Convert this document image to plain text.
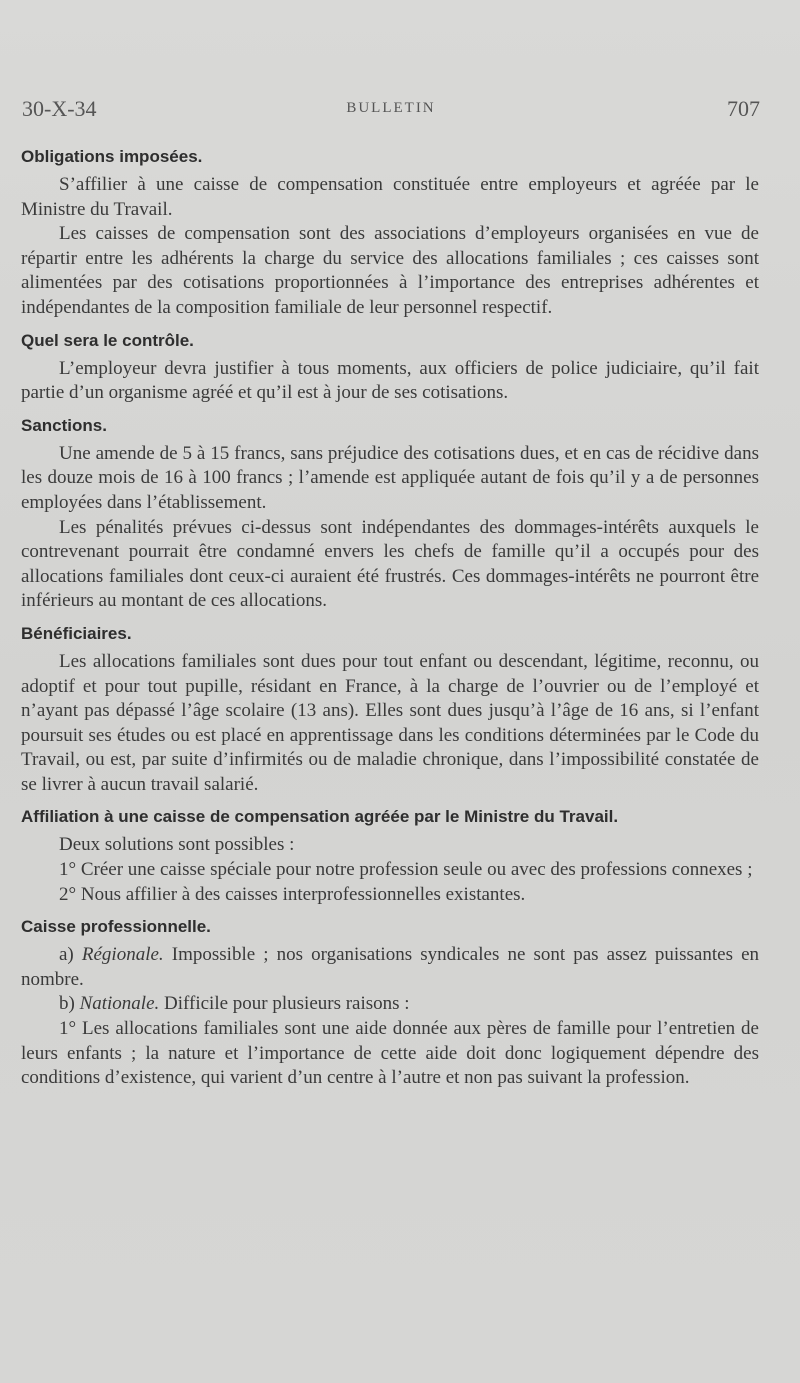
30-X-34	BULLETIN	707
Obligations imposées.

S’affilier à une caisse de compensation constituée entre employeurs et agréée par le Ministre du Travail.

Les caisses de compensation sont des associations d’employeurs organisées en vue de répartir entre les adhérents la charge du service des allocations familiales ; ces caisses sont alimentées par des cotisations proportionnées à l’importance des entreprises adhérentes et indépendantes de la composition familiale de leur personnel respectif.

Quel sera le contrôle.

L’employeur devra justifier à tous moments, aux officiers de police judiciaire, qu’il fait partie d’un organisme agréé et qu’il est à jour de ses cotisations.

Sanctions.

Une amende de 5 à 15 francs, sans préjudice des cotisations dues, et en cas de récidive dans les douze mois de 16 à 100 francs ; l’amende est appliquée autant de fois qu’il y a de personnes employées dans l’établissement.

Les pénalités prévues ci-dessus sont indépendantes des dommages-intérêts auxquels le contrevenant pourrait être condamné envers les chefs de famille qu’il a occupés pour des allocations familiales dont ceux-ci auraient été frustrés. Ces dommages-intérêts ne pourront être inférieurs au montant de ces allocations.

Bénéficiaires.

Les allocations familiales sont dues pour tout enfant ou descendant, légitime, reconnu, ou adoptif et pour tout pupille, résidant en France, à la charge de l’ouvrier ou de l’employé et n’ayant pas dépassé l’âge scolaire (13 ans). Elles sont dues jusqu’à l’âge de 16 ans, si l’enfant poursuit ses études ou est placé en apprentissage dans les conditions déterminées par le Code du Travail, ou est, par suite d’infirmités ou de maladie chronique, dans l’impossibilité constatée de se livrer à aucun travail salarié.

Affiliation à une caisse de compensation agréée par le Ministre du Travail.

Deux solutions sont possibles :

1° Créer une caisse spéciale pour notre profession seule ou avec des professions connexes ;

2° Nous affilier à des caisses interprofessionnelles existantes.

Caisse professionnelle.

a) Régionale. Impossible ; nos organisations syndicales ne sont pas assez puissantes en nombre.

b) Nationale. Difficile pour plusieurs raisons :

1° Les allocations familiales sont une aide donnée aux pères de famille pour l’entretien de leurs enfants ; la nature et l’importance de cette aide doit donc logiquement dépendre des conditions d’existence, qui varient d’un centre à l’autre et non pas suivant la profession.
